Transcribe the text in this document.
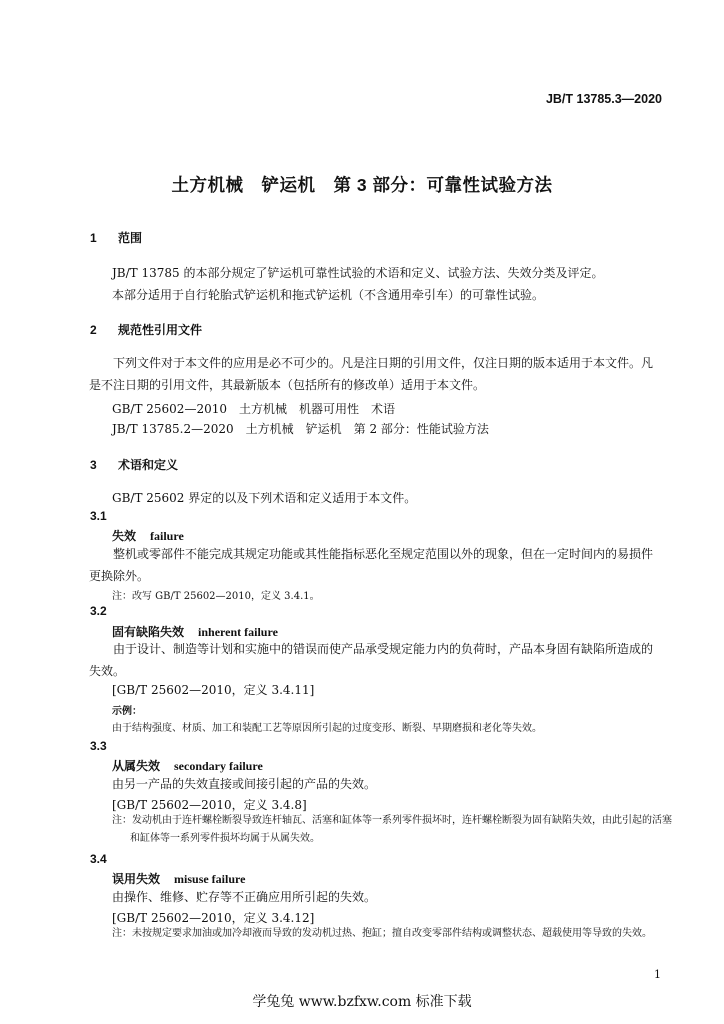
JB/T 13785.3—2020
土方机械　铲运机　第 3 部分：可靠性试验方法
1 范围
JB/T 13785 的本部分规定了铲运机可靠性试验的术语和定义、试验方法、失效分类及评定。
本部分适用于自行轮胎式铲运机和拖式铲运机（不含通用牵引车）的可靠性试验。
2 规范性引用文件
下列文件对于本文件的应用是必不可少的。凡是注日期的引用文件，仅注日期的版本适用于本文件。凡是不注日期的引用文件，其最新版本（包括所有的修改单）适用于本文件。
GB/T 25602—2010　土方机械　机器可用性　术语
JB/T 13785.2—2020　土方机械　铲运机　第 2 部分：性能试验方法
3 术语和定义
GB/T 25602 界定的以及下列术语和定义适用于本文件。
3.1
失效 failure
整机或零部件不能完成其规定功能或其性能指标恶化至规定范围以外的现象，但在一定时间内的易损件更换除外。
注：改写 GB/T 25602—2010，定义 3.4.1。
3.2
固有缺陷失效 inherent failure
由于设计、制造等计划和实施中的错误而使产品承受规定能力内的负荷时，产品本身固有缺陷所造成的失效。
[GB/T 25602—2010，定义 3.4.11]
示例：
由于结构强度、材质、加工和装配工艺等原因所引起的过度变形、断裂、早期磨损和老化等失效。
3.3
从属失效 secondary failure
由另一产品的失效直接或间接引起的产品的失效。
[GB/T 25602—2010，定义 3.4.8]
注：发动机由于连杆螺栓断裂导致连杆轴瓦、活塞和缸体等一系列零件损坏时，连杆螺栓断裂为固有缺陷失效，由此引起的活塞和缸体等一系列零件损坏均属于从属失效。
3.4
误用失效 misuse failure
由操作、维修、贮存等不正确应用所引起的失效。
[GB/T 25602—2010，定义 3.4.12]
注：未按规定要求加油或加冷却液而导致的发动机过热、抱缸；擅自改变零部件结构或调整状态、超载使用等导致的失效。
1
学兔兔 www.bzfxw.com 标准下载
